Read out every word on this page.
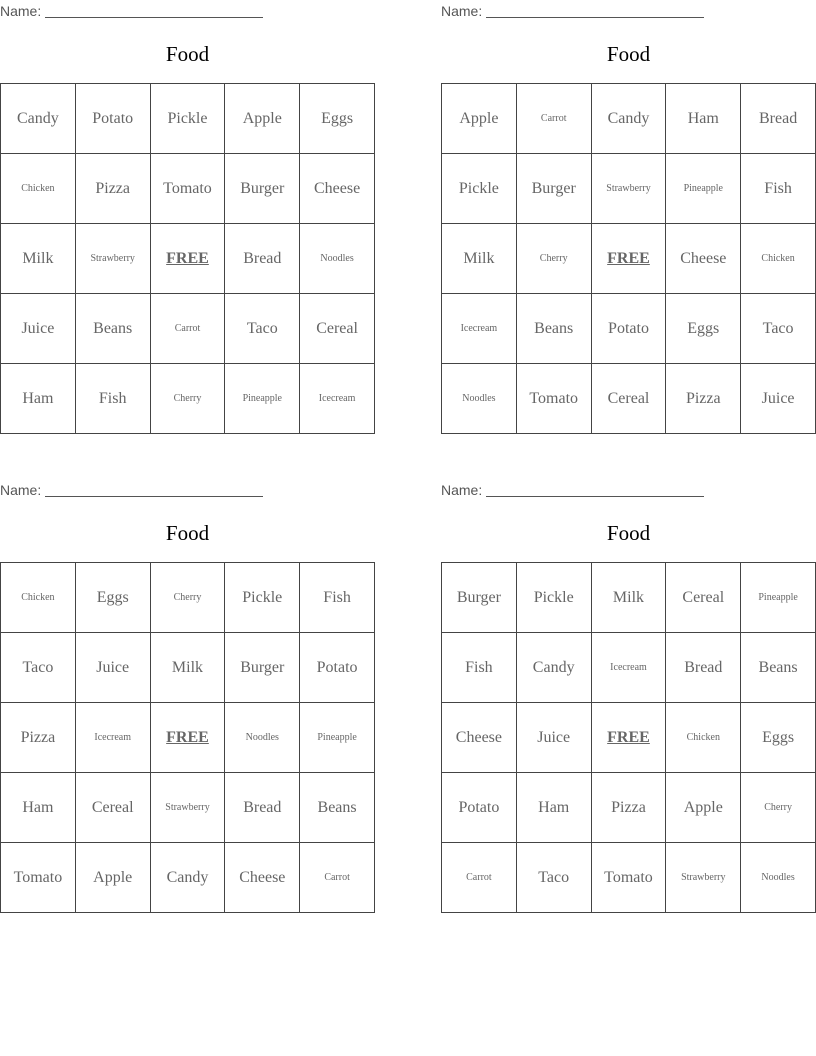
Name:
Food
Candy	Potato	Pickle	Apple	Eggs
Chicken	Pizza	Tomato	Burger	Cheese
Milk	Strawberry	FREE	Bread	Noodles
Juice	Beans	Carrot	Taco	Cereal
Ham	Fish	Cherry	Pineapple	Icecream
Name:
Food
Apple	Carrot	Candy	Ham	Bread
Pickle	Burger	Strawberry	Pineapple	Fish
Milk	Cherry	FREE	Cheese	Chicken
Icecream	Beans	Potato	Eggs	Taco
Noodles	Tomato	Cereal	Pizza	Juice
Name:
Food
Chicken	Eggs	Cherry	Pickle	Fish
Taco	Juice	Milk	Burger	Potato
Pizza	Icecream	FREE	Noodles	Pineapple
Ham	Cereal	Strawberry	Bread	Beans
Tomato	Apple	Candy	Cheese	Carrot
Name:
Food
Burger	Pickle	Milk	Cereal	Pineapple
Fish	Candy	Icecream	Bread	Beans
Cheese	Juice	FREE	Chicken	Eggs
Potato	Ham	Pizza	Apple	Cherry
Carrot	Taco	Tomato	Strawberry	Noodles
